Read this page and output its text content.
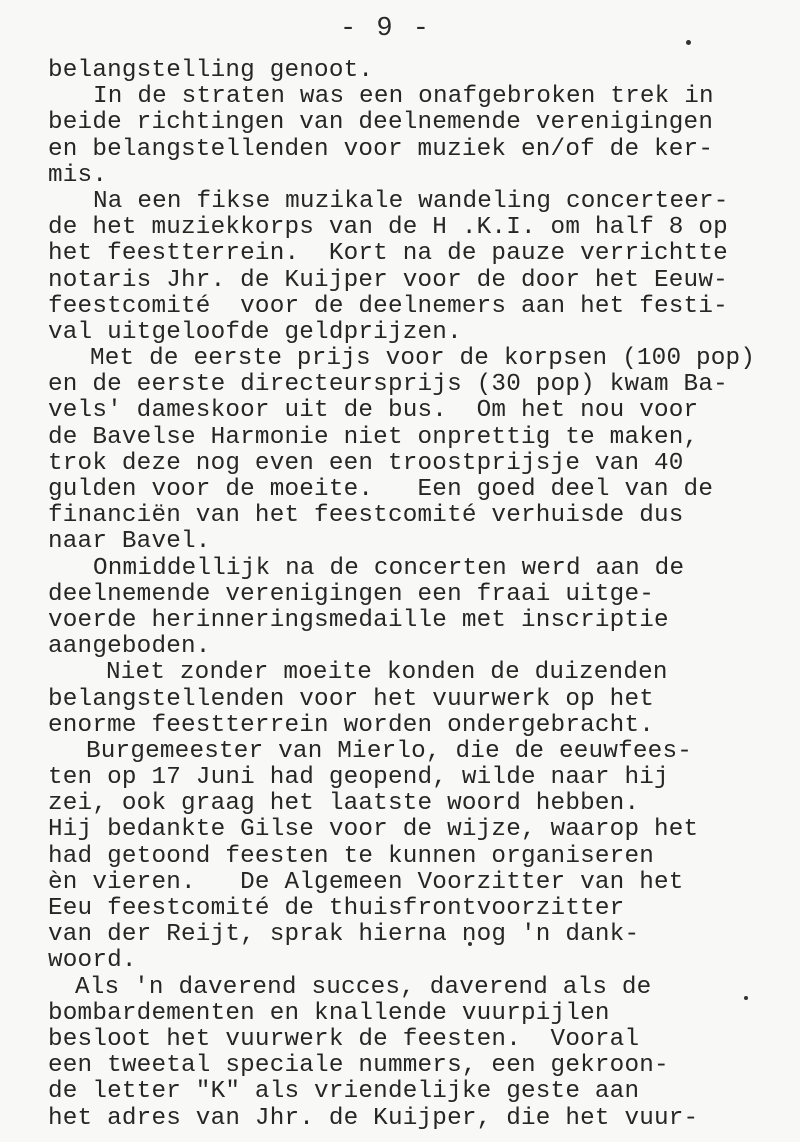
- 9 -
belangstelling genoot.
In de straten was een onafgebroken trek in
beide richtingen van deelnemende verenigingen
en belangstellenden voor muziek en/of de ker-
mis.
Na een fikse muzikale wandeling concerteer-
de het muziekkorps van de H .K.I. om half 8 op
het feestterrein.  Kort na de pauze verrichtte
notaris Jhr. de Kuijper voor de door het Eeuw-
feestcomité  voor de deelnemers aan het festi-
val uitgeloofde geldprijzen.
Met de eerste prijs voor de korpsen (100 pop)
en de eerste directeursprijs (30 pop) kwam Ba-
vels' dameskoor uit de bus.  Om het nou voor
de Bavelse Harmonie niet onprettig te maken,
trok deze nog even een troostprijsje van 40
gulden voor de moeite.   Een goed deel van de
financiën van het feestcomité verhuisde dus
naar Bavel.
Onmiddellijk na de concerten werd aan de
deelnemende verenigingen een fraai uitge-
voerde herinneringsmedaille met inscriptie
aangeboden.
Niet zonder moeite konden de duizenden
belangstellenden voor het vuurwerk op het
enorme feestterrein worden ondergebracht.
Burgemeester van Mierlo, die de eeuwfees-
ten op 17 Juni had geopend, wilde naar hij
zei, ook graag het laatste woord hebben.
Hij bedankte Gilse voor de wijze, waarop het
had getoond feesten te kunnen organiseren
èn vieren.   De Algemeen Voorzitter van het
Eeu feestcomité de thuisfrontvoorzitter
van der Reijt, sprak hierna nog 'n dank-
woord.
Als 'n daverend succes, daverend als de
bombardementen en knallende vuurpijlen
besloot het vuurwerk de feesten.  Vooral
een tweetal speciale nummers, een gekroon-
de letter "K" als vriendelijke geste aan
het adres van Jhr. de Kuijper, die het vuur-
